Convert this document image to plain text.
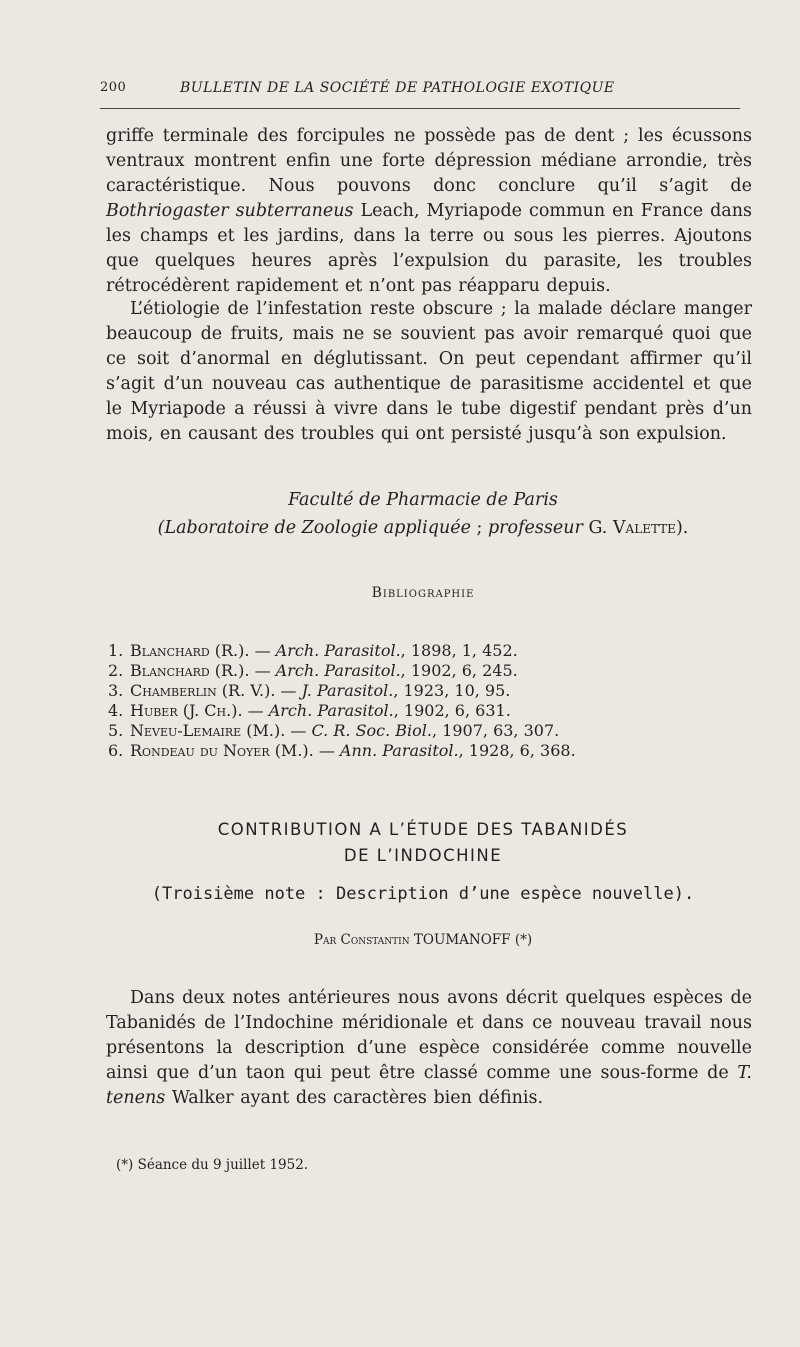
200	BULLETIN DE LA SOCIÉTÉ DE PATHOLOGIE EXOTIQUE

griffe terminale des forcipules ne possède pas de dent ; les écussons ventraux montrent enfin une forte dépression médiane arrondie, très caractéristique. Nous pouvons donc conclure qu’il s’agit de Bothriogaster subterraneus Leach, Myriapode commun en France dans les champs et les jardins, dans la terre ou sous les pierres. Ajoutons que quelques heures après l’expulsion du parasite, les troubles rétrocédèrent rapidement et n’ont pas réapparu depuis.

L’étiologie de l’infestation reste obscure ; la malade déclare manger beaucoup de fruits, mais ne se souvient pas avoir remarqué quoi que ce soit d’anormal en déglutissant. On peut cependant affirmer qu’il s’agit d’un nouveau cas authentique de parasitisme accidentel et que le Myriapode a réussi à vivre dans le tube digestif pendant près d’un mois, en causant des troubles qui ont persisté jusqu’à son expulsion.

Faculté de Pharmacie de Paris

(Laboratoire de Zoologie appliquée ; professeur G. Valette).

Bibliographie
1. Blanchard (R.). — Arch. Parasitol., 1898, 1, 452.
2. Blanchard (R.). — Arch. Parasitol., 1902, 6, 245.
3. Chamberlin (R. V.). — J. Parasitol., 1923, 10, 95.
4. Huber (J. Ch.). — Arch. Parasitol., 1902, 6, 631.
5. Neveu-Lemaire (M.). — C. R. Soc. Biol., 1907, 63, 307.
6. Rondeau du Noyer (M.). — Ann. Parasitol., 1928, 6, 368.

CONTRIBUTION A L’ÉTUDE DES TABANIDÉS

DE L’INDOCHINE

(Troisième note : Description d’une espèce nouvelle).

Par Constantin TOUMANOFF (*)

Dans deux notes antérieures nous avons décrit quelques espèces de Tabanidés de l’Indochine méridionale et dans ce nouveau travail nous présentons la description d’une espèce considérée comme nouvelle ainsi que d’un taon qui peut être classé comme une sous-forme de T. tenens Walker ayant des caractères bien définis.

(*) Séance du 9 juillet 1952.
